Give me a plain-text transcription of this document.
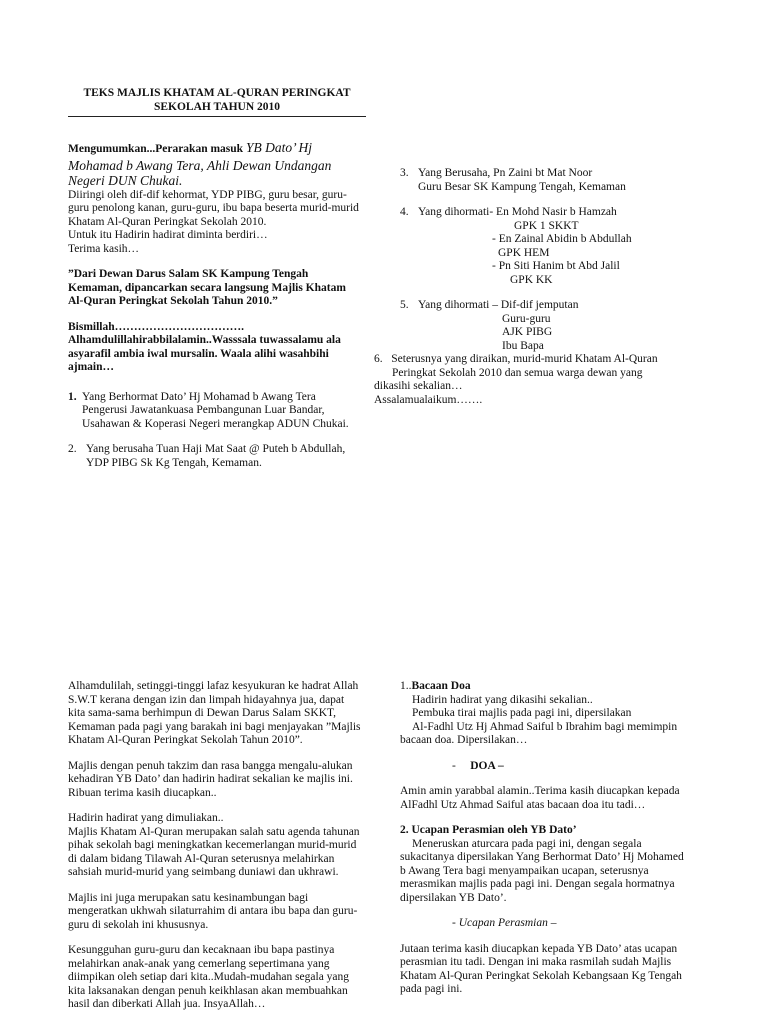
TEKS MAJLIS KHATAM AL-QURAN PERINGKAT
SEKOLAH TAHUN 2010

Mengumumkan...Perarakan masuk YB Dato’ Hj

Mohamad b Awang Tera, Ahli Dewan Undangan

Negeri DUN Chukai.

Diiringi oleh dif-dif kehormat, YDP PIBG, guru besar, guru-

guru penolong kanan, guru-guru, ibu bapa beserta murid-murid

Khatam Al-Quran Peringkat Sekolah 2010.

Untuk itu Hadirin hadirat diminta berdiri…

Terima kasih…

”Dari Dewan Darus Salam SK Kampung Tengah

Kemaman, dipancarkan secara langsung Majlis Khatam

Al-Quran Peringkat Sekolah Tahun 2010.”

Bismillah…………………………….

Alhamdulillahirabbilalamin..Wasssala tuwassalamu ala

asyarafil ambia iwal mursalin. Waala alihi wasahbihi

ajmain…

1. Yang Berhormat Dato’ Hj Mohamad b Awang Tera

Pengerusi Jawatankuasa Pembangunan Luar Bandar,

Usahawan & Koperasi Negeri merangkap ADUN Chukai.

2. Yang berusaha Tuan Haji Mat Saat @ Puteh b Abdullah,

YDP PIBG Sk Kg Tengah, Kemaman.

3. Yang Berusaha, Pn Zaini bt Mat Noor

Guru Besar SK Kampung Tengah, Kemaman

4. Yang dihormati- En Mohd Nasir b Hamzah

GPK 1 SKKT

- En Zainal Abidin b Abdullah

GPK HEM

- Pn Siti Hanim bt Abd Jalil

GPK KK

5. Yang dihormati – Dif-dif jemputan

Guru-guru

AJK PIBG

Ibu Bapa

6. Seterusnya yang diraikan, murid-murid Khatam Al-Quran

Peringkat Sekolah 2010 dan semua warga dewan yang

dikasihi sekalian…

Assalamualaikum…….

Alhamdulilah, setinggi-tinggi lafaz kesyukuran ke hadrat Allah

S.W.T kerana dengan izin dan limpah hidayahnya jua, dapat

kita sama-sama berhimpun di Dewan Darus Salam SKKT,

Kemaman pada pagi yang barakah ini bagi menjayakan ”Majlis

Khatam Al-Quran Peringkat Sekolah Tahun 2010”.

Majlis dengan penuh takzim dan rasa bangga mengalu-alukan

kehadiran YB Dato’ dan hadirin hadirat sekalian ke majlis ini.

Ribuan terima kasih diucapkan..

Hadirin hadirat yang dimuliakan..

Majlis Khatam Al-Quran merupakan salah satu agenda tahunan

pihak sekolah bagi meningkatkan kecemerlangan murid-murid

di dalam bidang Tilawah Al-Quran seterusnya melahirkan

sahsiah murid-murid yang seimbang duniawi dan ukhrawi.

Majlis ini juga merupakan satu kesinambungan bagi

mengeratkan ukhwah silaturrahim di antara ibu bapa dan guru-

guru di sekolah ini khususnya.

Kesungguhan guru-guru dan kecaknaan ibu bapa pastinya

melahirkan anak-anak yang cemerlang sepertimana yang

diimpikan oleh setiap dari kita..Mudah-mudahan segala yang

kita laksanakan dengan penuh keikhlasan akan membuahkan

hasil dan diberkati Allah jua. InsyaAllah…

1..Bacaan Doa

Hadirin hadirat yang dikasihi sekalian..

Pembuka tirai majlis pada pagi ini, dipersilakan

Al-Fadhl Utz Hj Ahmad Saiful b Ibrahim bagi memimpin

bacaan doa. Dipersilakan…

- DOA –

Amin amin yarabbal alamin..Terima kasih diucapkan kepada

AlFadhl Utz Ahmad Saiful atas bacaan doa itu tadi…

2. Ucapan Perasmian oleh YB Dato’

Meneruskan aturcara pada pagi ini, dengan segala

sukacitanya dipersilakan Yang Berhormat Dato’ Hj Mohamed

b Awang Tera bagi menyampaikan ucapan, seterusnya

merasmikan majlis pada pagi ini. Dengan segala hormatnya

dipersilakan YB Dato’.

- Ucapan Perasmian –

Jutaan terima kasih diucapkan kepada YB Dato’ atas ucapan

perasmian itu tadi. Dengan ini maka rasmilah sudah Majlis

Khatam Al-Quran Peringkat Sekolah Kebangsaan Kg Tengah

pada pagi ini.
